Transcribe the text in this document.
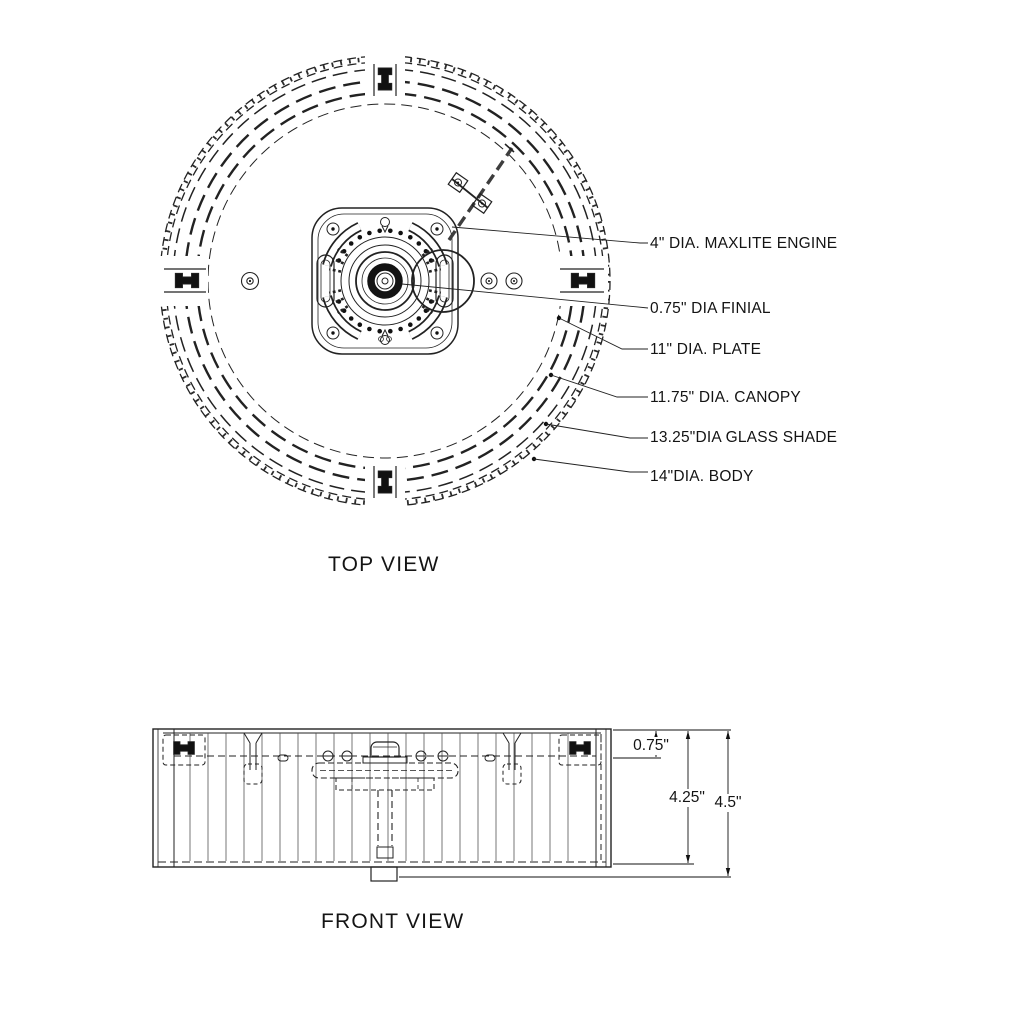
4" DIA. MAXLITE ENGINE
0.75" DIA FINIAL
11" DIA. PLATE
11.75" DIA. CANOPY
13.25"DIA GLASS SHADE
14"DIA. BODY
TOP VIEW
FRONT VIEW
0.75"
4.25" 4.5"
